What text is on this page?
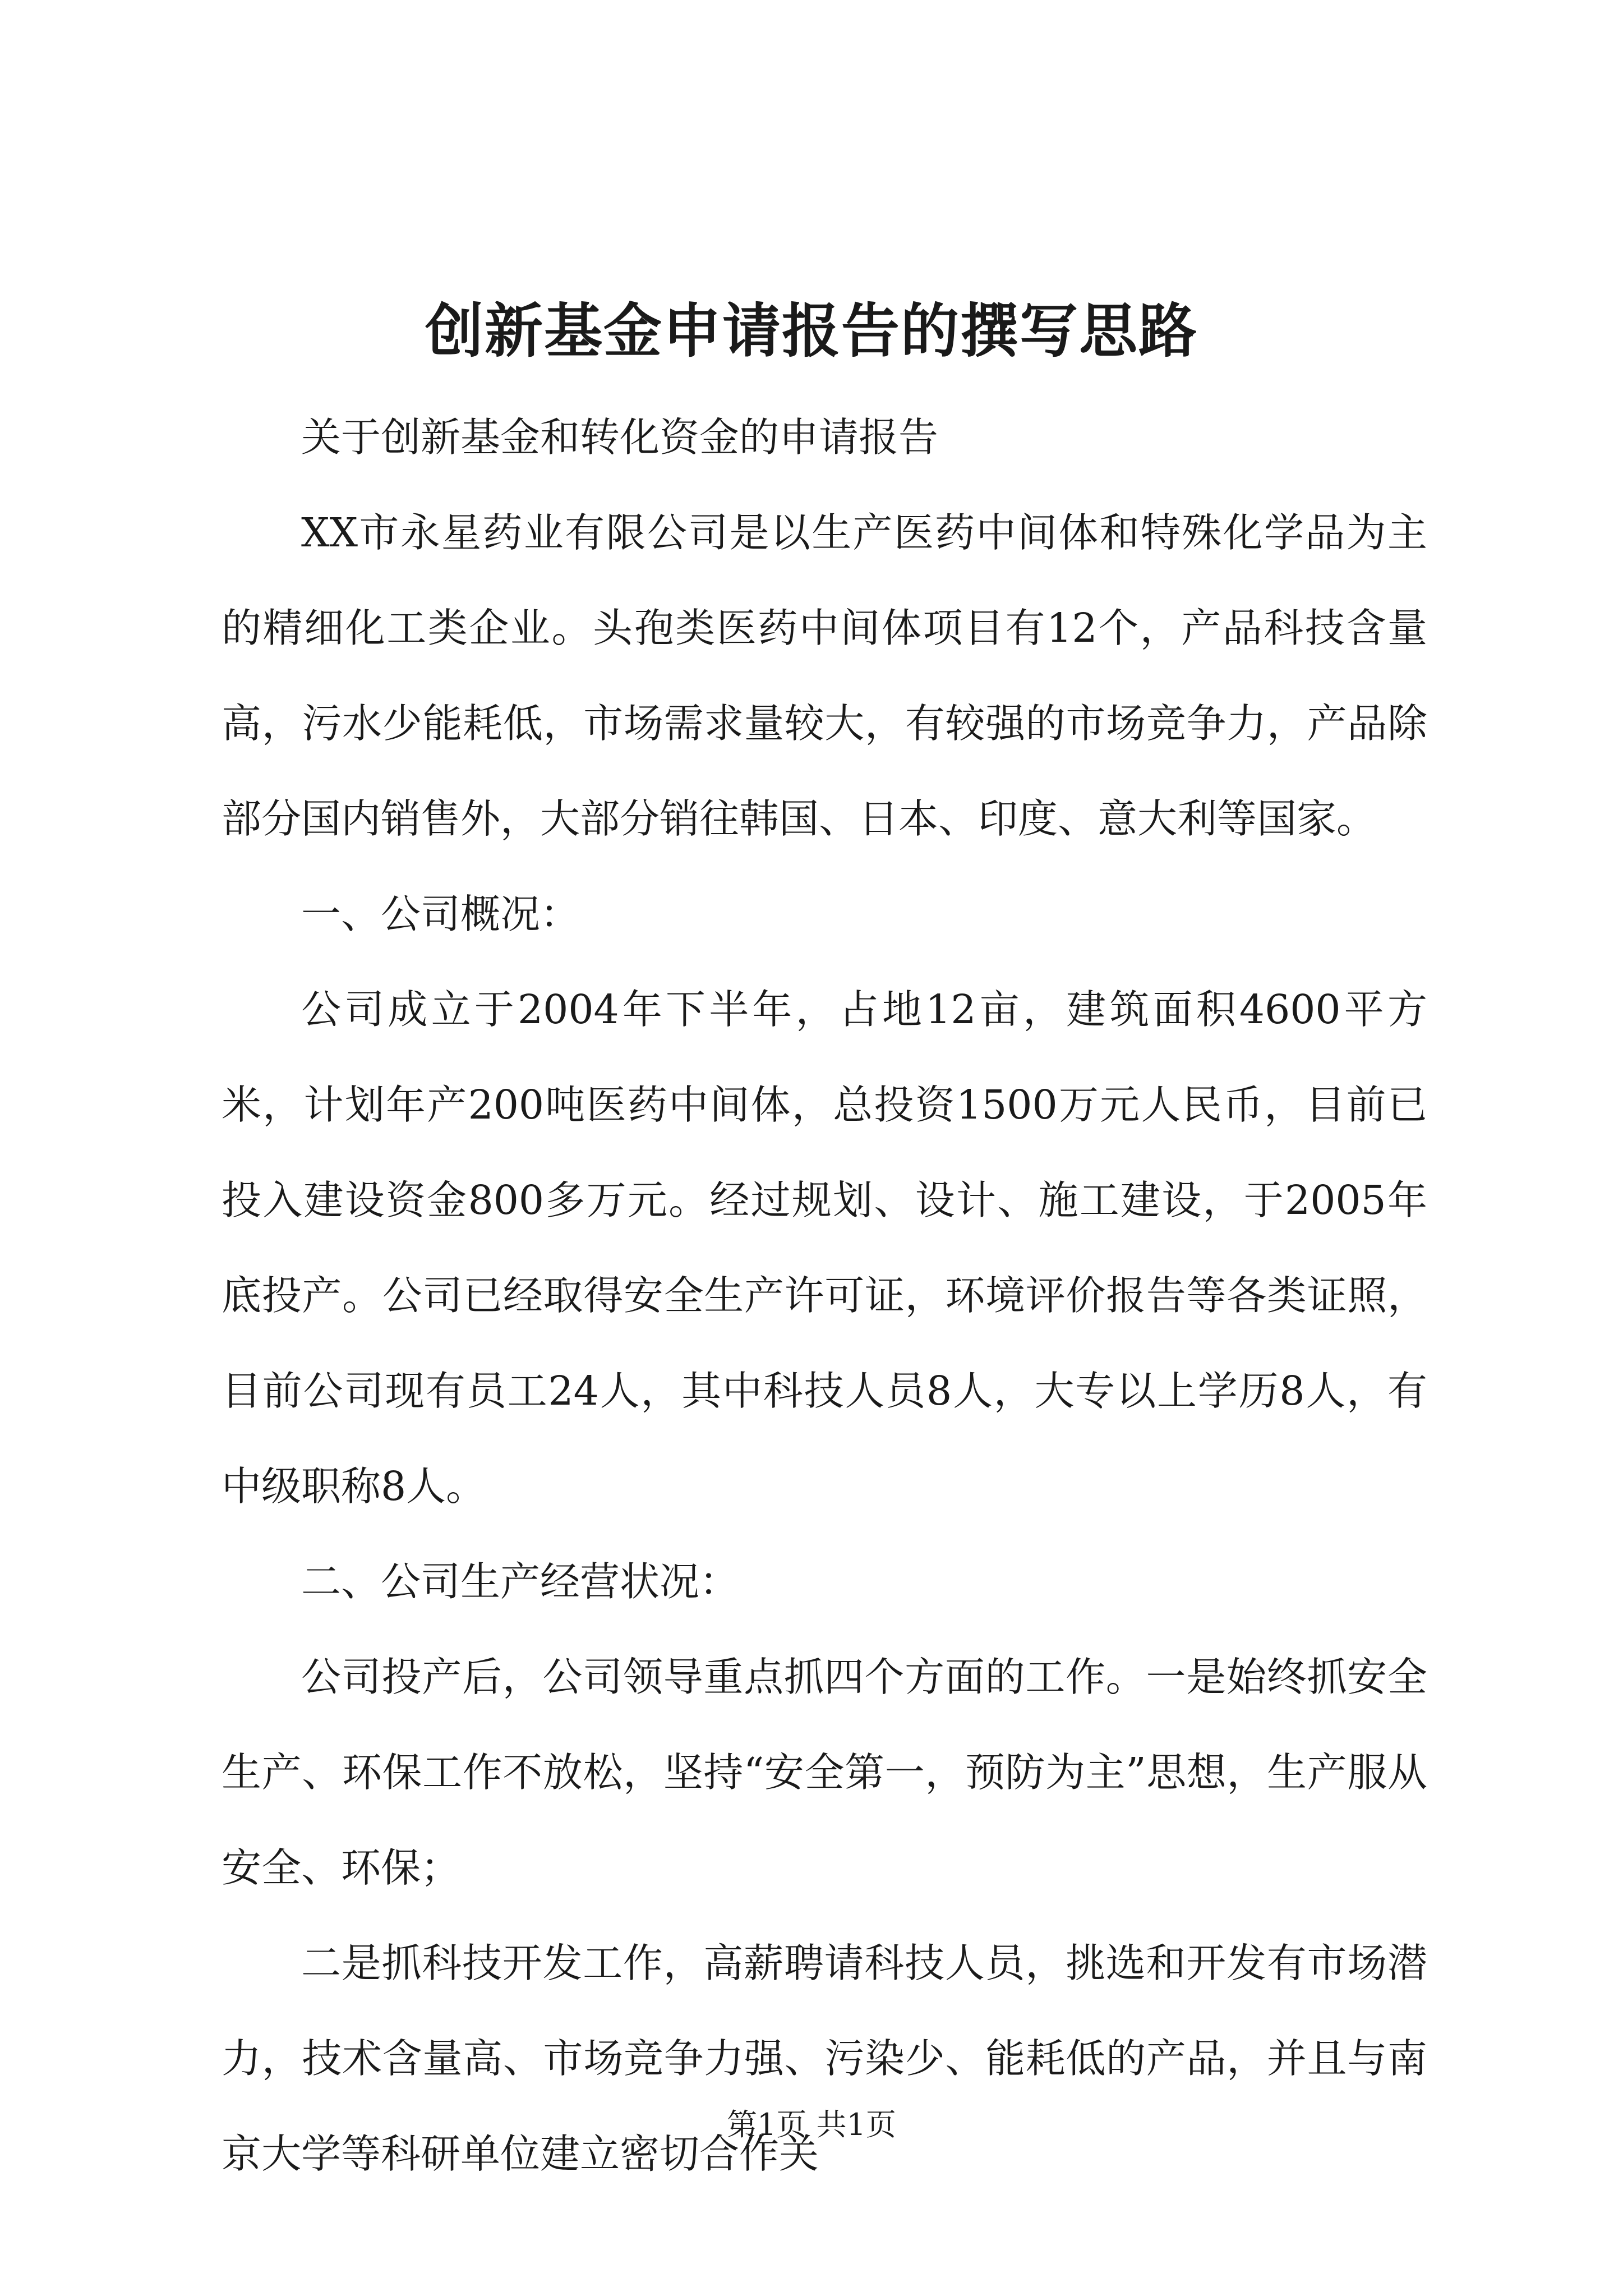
创新基金申请报告的撰写思路

关于创新基金和转化资金的申请报告

XX市永星药业有限公司是以生产医药中间体和特殊化学品为主的精细化工类企业。头孢类医药中间体项目有12个，产品科技含量高，污水少能耗低，市场需求量较大，有较强的市场竞争力，产品除部分国内销售外，大部分销往韩国、日本、印度、意大利等国家。

一、公司概况：

公司成立于2004年下半年，占地12亩，建筑面积4600平方米，计划年产200吨医药中间体，总投资1500万元人民币，目前已投入建设资金800多万元。经过规划、设计、施工建设，于2005年底投产。公司已经取得安全生产许可证，环境评价报告等各类证照，目前公司现有员工24人，其中科技人员8人，大专以上学历8人，有中级职称8人。

二、公司生产经营状况：

公司投产后，公司领导重点抓四个方面的工作。一是始终抓安全生产、环保工作不放松，坚持“安全第一，预防为主”思想，生产服从安全、环保；

二是抓科技开发工作，高薪聘请科技人员，挑选和开发有市场潜力，技术含量高、市场竞争力强、污染少、能耗低的产品，并且与南京大学等科研单位建立密切合作关

第1页 共1页
